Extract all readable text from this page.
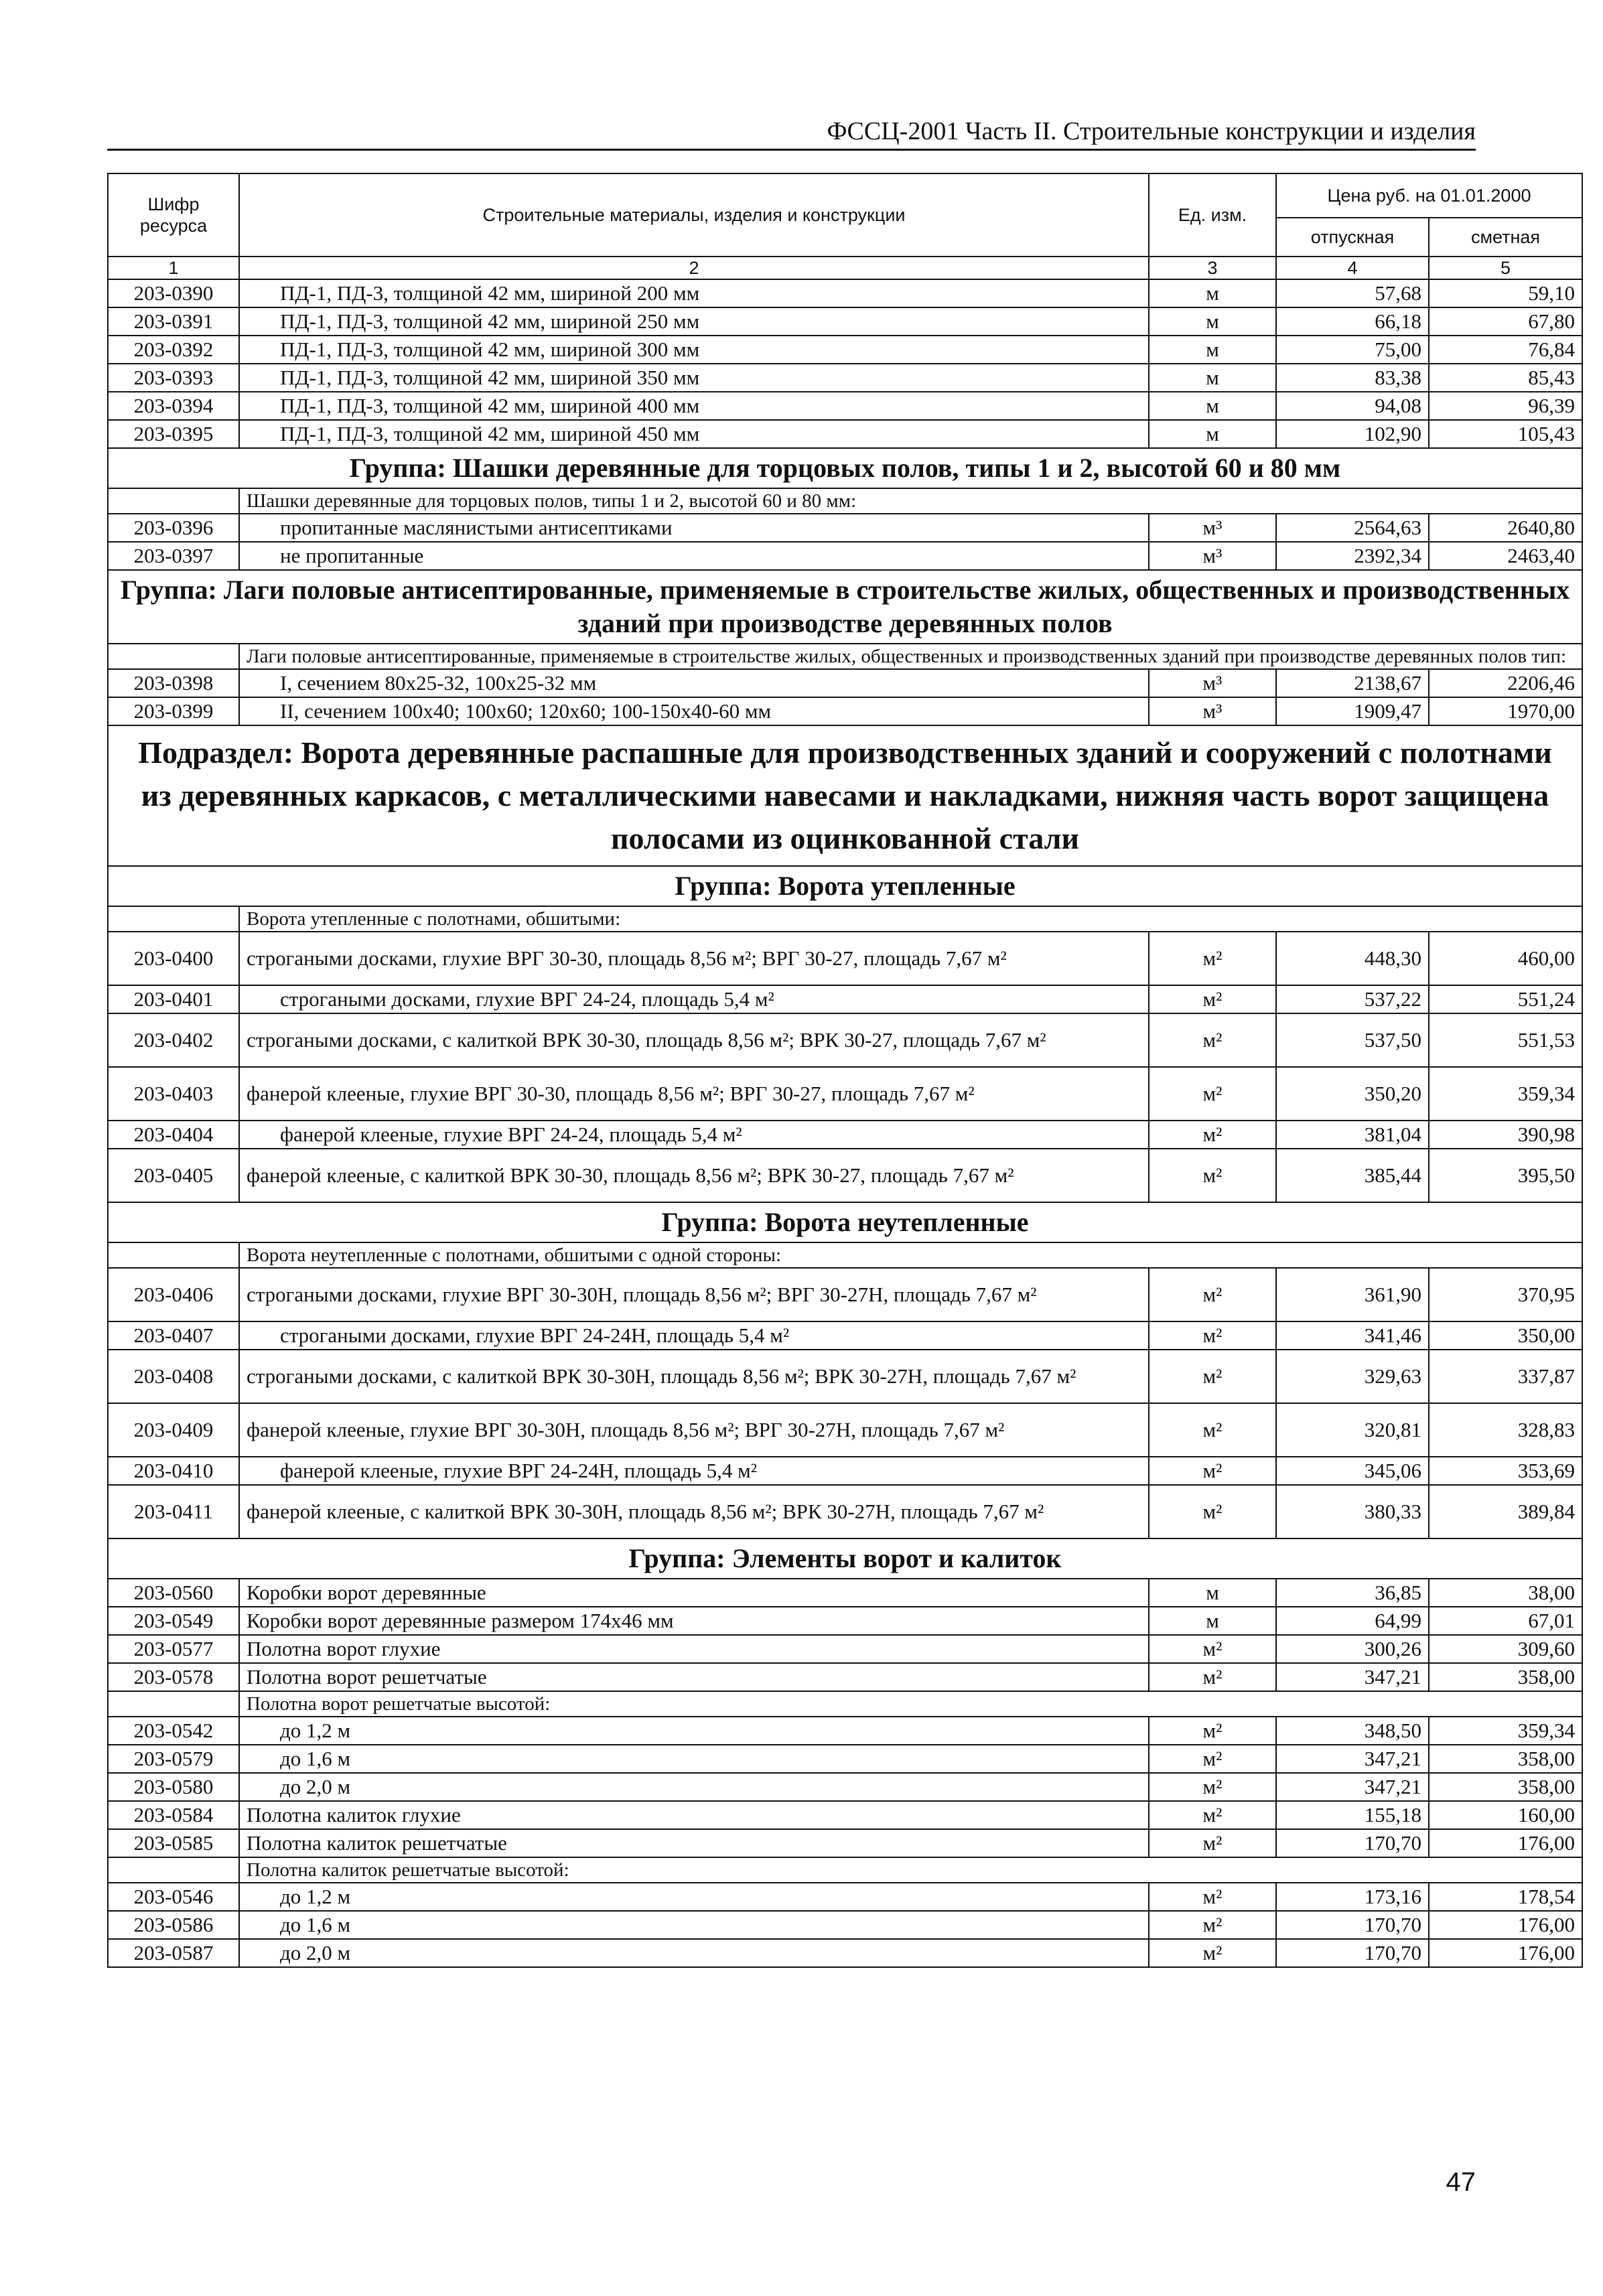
ФССЦ-2001 Часть II. Строительные конструкции и изделия
Шифр ресурса	Строительные материалы, изделия и конструкции	Ед. изм.	Цена руб. на 01.01.2000	
			отпускная	сметная
1	2	3	4	5
203-0390	ПД-1, ПД-3, толщиной 42 мм, шириной 200 мм	м	57,68	59,10
203-0391	ПД-1, ПД-3, толщиной 42 мм, шириной 250 мм	м	66,18	67,80
203-0392	ПД-1, ПД-3, толщиной 42 мм, шириной 300 мм	м	75,00	76,84
203-0393	ПД-1, ПД-3, толщиной 42 мм, шириной 350 мм	м	83,38	85,43
203-0394	ПД-1, ПД-3, толщиной 42 мм, шириной 400 мм	м	94,08	96,39
203-0395	ПД-1, ПД-3, толщиной 42 мм, шириной 450 мм	м	102,90	105,43
Группа: Шашки деревянные для торцовых полов, типы 1 и 2, высотой 60 и 80 мм				
	Шашки деревянные для торцовых полов, типы 1 и 2, высотой 60 и 80 мм:			
203-0396	пропитанные маслянистыми антисептиками	м³	2564,63	2640,80
203-0397	не пропитанные	м³	2392,34	2463,40
Группа: Лаги половые антисептированные, применяемые в строительстве жилых, общественных и производственных зданий при производстве деревянных полов				
	Лаги половые антисептированные, применяемые в строительстве жилых, общественных и производственных зданий при производстве деревянных полов тип:			
203-0398	I, сечением 80x25-32, 100x25-32 мм	м³	2138,67	2206,46
203-0399	II, сечением 100x40; 100x60; 120x60; 100-150x40-60 мм	м³	1909,47	1970,00
Подраздел: Ворота деревянные распашные для производственных зданий и сооружений с полотнами из деревянных каркасов, с металлическими навесами и накладками, нижняя часть ворот защищена полосами из оцинкованной стали				
Группа: Ворота утепленные				
	Ворота утепленные с полотнами, обшитыми:			
203-0400	строгаными досками, глухие ВРГ 30-30, площадь 8,56 м²; ВРГ 30-27, площадь 7,67 м²	м²	448,30	460,00
203-0401	строгаными досками, глухие ВРГ 24-24, площадь 5,4 м²	м²	537,22	551,24
203-0402	строгаными досками, с калиткой ВРК 30-30, площадь 8,56 м²; ВРК 30-27, площадь 7,67 м²	м²	537,50	551,53
203-0403	фанерой клееные, глухие ВРГ 30-30, площадь 8,56 м²; ВРГ 30-27, площадь 7,67 м²	м²	350,20	359,34
203-0404	фанерой клееные, глухие ВРГ 24-24, площадь 5,4 м²	м²	381,04	390,98
203-0405	фанерой клееные, с калиткой ВРК 30-30, площадь 8,56 м²; ВРК 30-27, площадь 7,67 м²	м²	385,44	395,50
Группа: Ворота неутепленные				
	Ворота неутепленные с полотнами, обшитыми с одной стороны:			
203-0406	строгаными досками, глухие ВРГ 30-30Н, площадь 8,56 м²; ВРГ 30-27Н, площадь 7,67 м²	м²	361,90	370,95
203-0407	строгаными досками, глухие ВРГ 24-24Н, площадь 5,4 м²	м²	341,46	350,00
203-0408	строгаными досками, с калиткой ВРК 30-30Н, площадь 8,56 м²; ВРК 30-27Н, площадь 7,67 м²	м²	329,63	337,87
203-0409	фанерой клееные, глухие ВРГ 30-30Н, площадь 8,56 м²; ВРГ 30-27Н, площадь 7,67 м²	м²	320,81	328,83
203-0410	фанерой клееные, глухие ВРГ 24-24Н, площадь 5,4 м²	м²	345,06	353,69
203-0411	фанерой клееные, с калиткой ВРК 30-30Н, площадь 8,56 м²; ВРК 30-27Н, площадь 7,67 м²	м²	380,33	389,84
Группа: Элементы ворот и калиток				
203-0560	Коробки ворот деревянные	м	36,85	38,00
203-0549	Коробки ворот деревянные размером 174х46 мм	м	64,99	67,01
203-0577	Полотна ворот глухие	м²	300,26	309,60
203-0578	Полотна ворот решетчатые	м²	347,21	358,00
	Полотна ворот решетчатые высотой:			
203-0542	до 1,2 м	м²	348,50	359,34
203-0579	до 1,6 м	м²	347,21	358,00
203-0580	до 2,0 м	м²	347,21	358,00
203-0584	Полотна калиток глухие	м²	155,18	160,00
203-0585	Полотна калиток решетчатые	м²	170,70	176,00
	Полотна калиток решетчатые высотой:			
203-0546	до 1,2 м	м²	173,16	178,54
203-0586	до 1,6 м	м²	170,70	176,00
203-0587	до 2,0 м	м²	170,70	176,00
47
